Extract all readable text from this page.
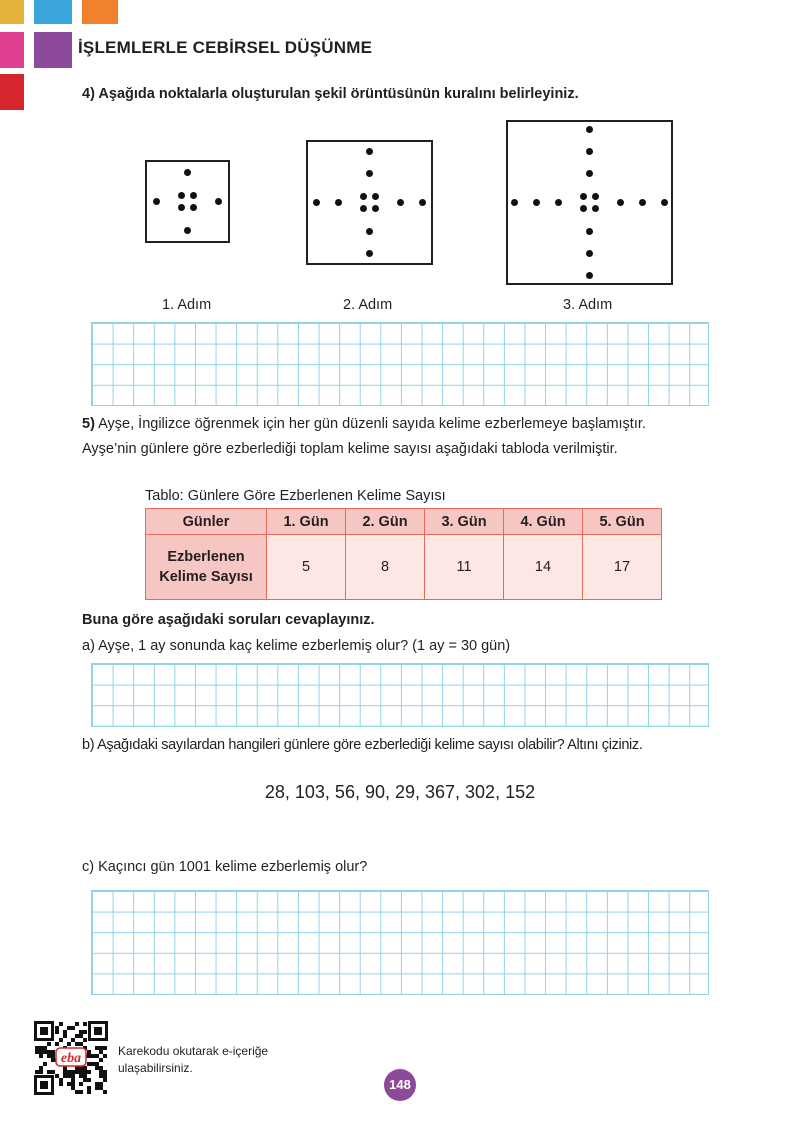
İŞLEMLERLE CEBİRSEL DÜŞÜNME
4) Aşağıda noktalarla oluşturulan şekil örüntüsünün kuralını belirleyiniz.
1. Adım	2. Adım	3. Adım
5) Ayşe, İngilizce öğrenmek için her gün düzenli sayıda kelime ezberlemeye başlamıştır.
Ayşe’nin günlere göre ezberlediği toplam kelime sayısı aşağıdaki tabloda verilmiştir.
Tablo: Günlere Göre Ezberlenen Kelime Sayısı
Günler	1. Gün	2. Gün	3. Gün	4. Gün	5. Gün
Ezberlenen
Kelime Sayısı	5	8	11	14	17
Buna göre aşağıdaki soruları cevaplayınız.
a) Ayşe, 1 ay sonunda kaç kelime ezberlemiş olur? (1 ay = 30 gün)
b) Aşağıdaki sayılardan hangileri günlere göre ezberlediği kelime sayısı olabilir? Altını çiziniz.
28, 103, 56, 90, 29, 367, 302, 152
c) Kaçıncı gün 1001 kelime ezberlemiş olur?
eba	Karekodu okutarak e-içeriğe
ulaşabilirsiniz.
148
